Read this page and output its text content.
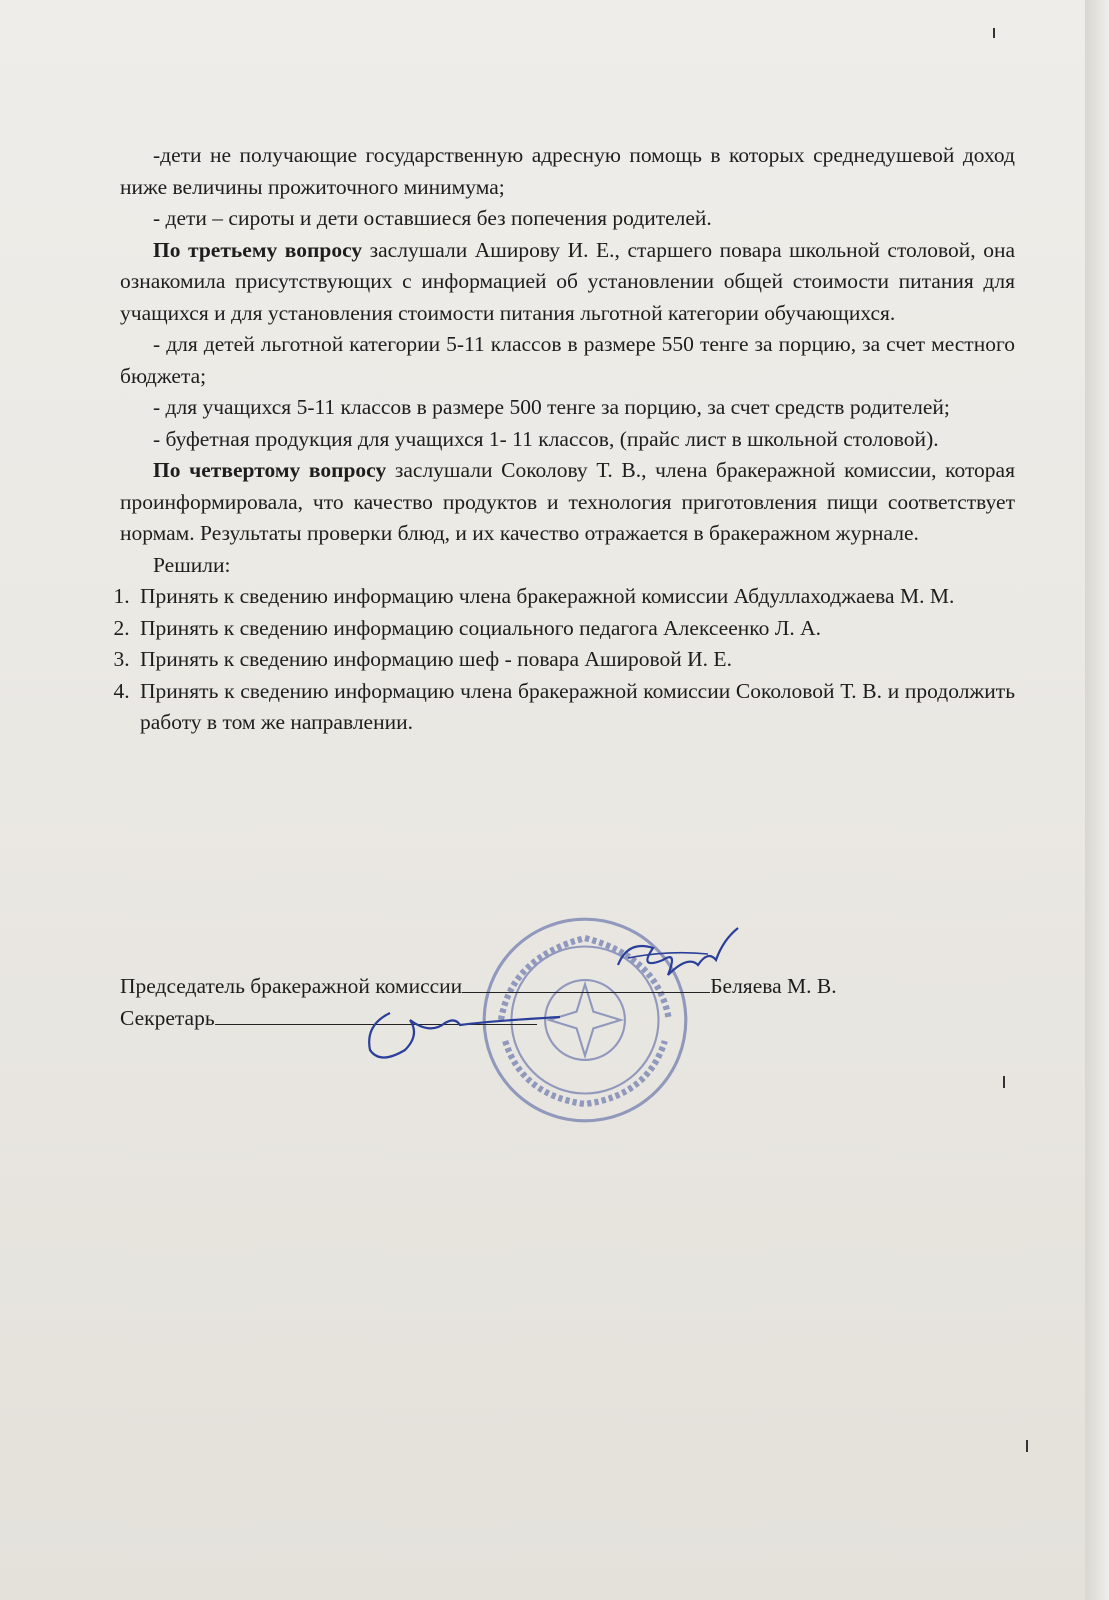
-дети не получающие государственную адресную помощь в которых среднедушевой доход ниже величины прожиточного минимума;

- дети – сироты и дети оставшиеся без попечения родителей.

По третьему вопросу заслушали Аширову И. Е., старшего повара школьной столовой, она ознакомила присутствующих с информацией об установлении общей стоимости питания для учащихся и для установления стоимости питания льготной категории обучающихся.

- для детей льготной категории 5-11 классов в размере 550 тенге за порцию, за счет местного бюджета;

- для учащихся 5-11 классов в размере 500 тенге за порцию, за счет средств родителей;

- буфетная продукция для учащихся 1- 11 классов, (прайс лист в школьной столовой).

По четвертому вопросу заслушали Соколову Т. В., члена бракеражной комиссии, которая проинформировала, что качество продуктов и технология приготовления пищи соответствует нормам. Результаты проверки блюд, и их качество отражается в бракеражном журнале.

Решили:

1. Принять к сведению информацию члена бракеражной комиссии Абдуллаходжаева М. М.
2. Принять к сведению информацию социального педагога Алексеенко Л. А.
3. Принять к сведению информацию шеф - повара Ашировой И. Е.
4. Принять к сведению информацию члена бракеражной комиссии Соколовой Т. В. и продолжить работу в том же направлении.
Председатель бракеражной комиссии	Беляева М. В.
Секретарь
